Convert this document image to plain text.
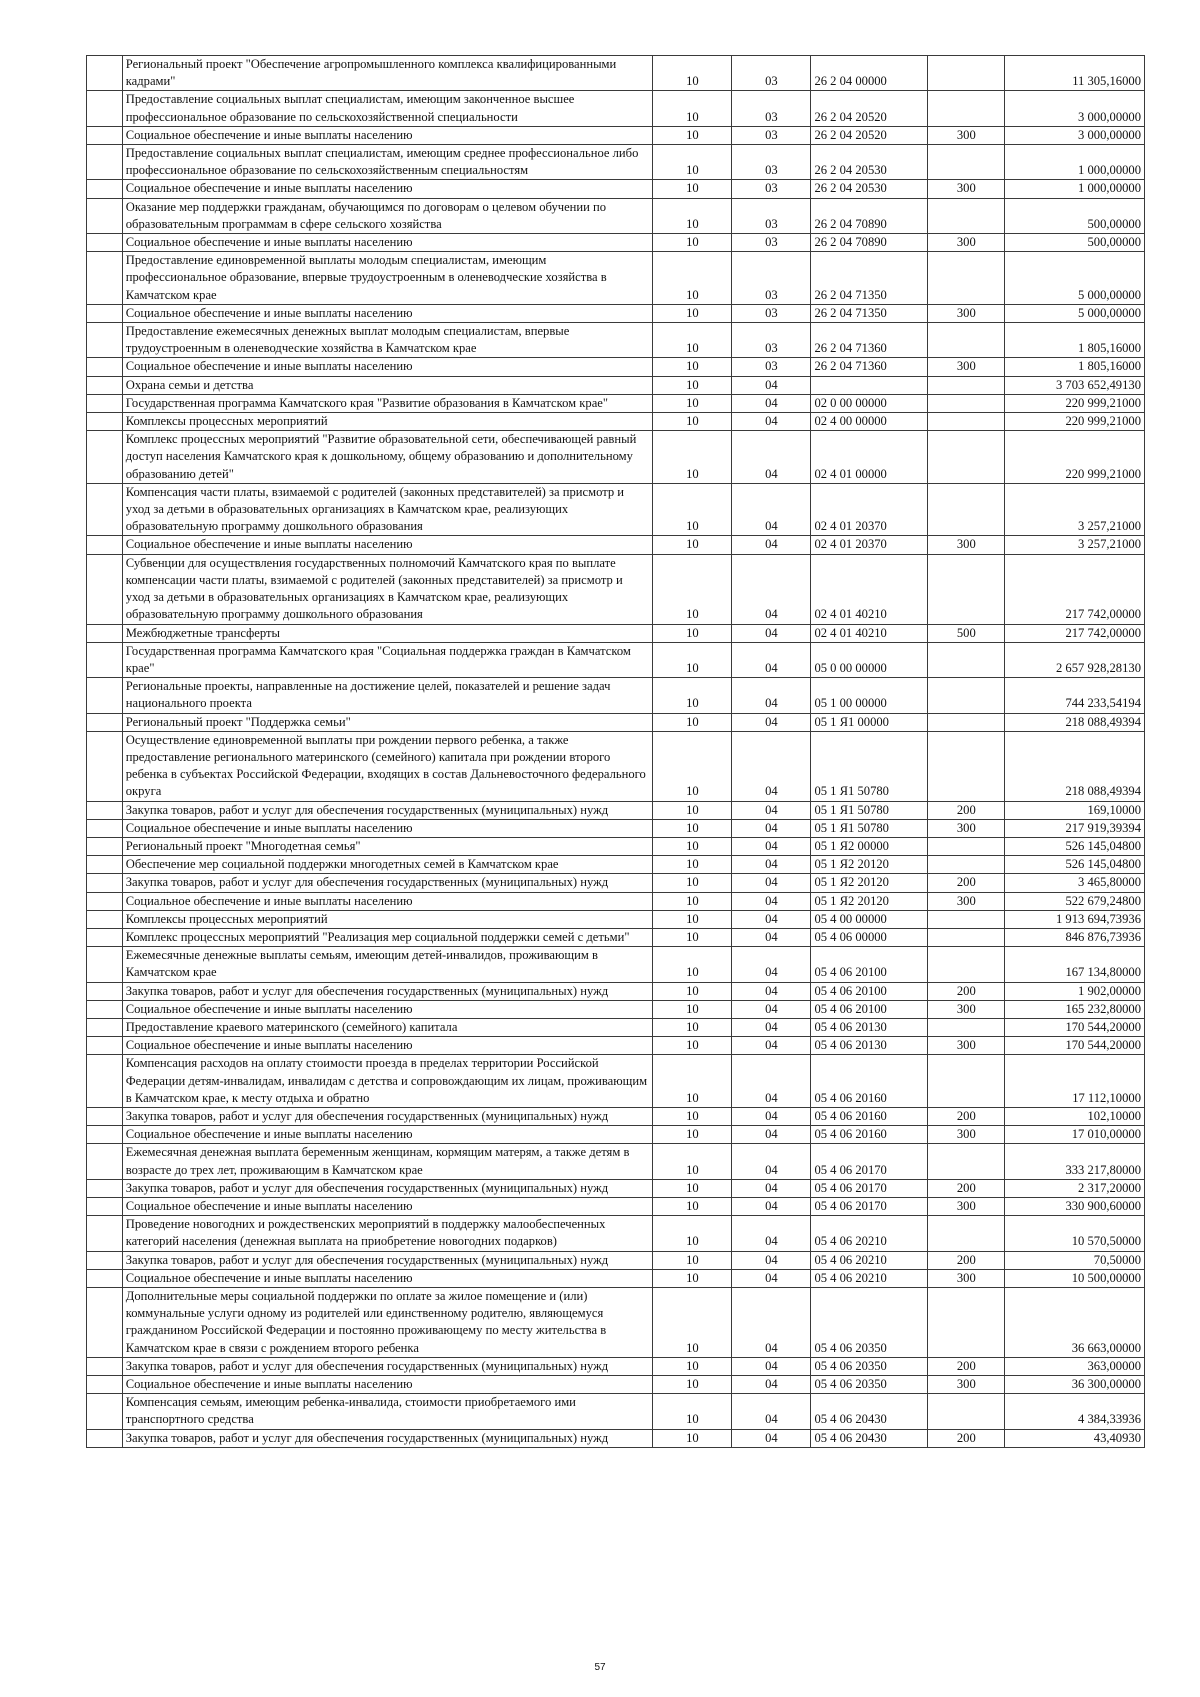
	Региональный проект "Обеспечение агропромышленного комплекса квалифицированными кадрами"	10	03	26 2 04 00000		11 305,16000
	Предоставление социальных выплат специалистам, имеющим законченное высшее профессиональное образование по сельскохозяйственной специальности	10	03	26 2 04 20520		3 000,00000
	Социальное обеспечение и иные выплаты населению	10	03	26 2 04 20520	300	3 000,00000
	Предоставление социальных выплат специалистам, имеющим среднее профессиональное либо профессиональное образование по сельскохозяйственным специальностям	10	03	26 2 04 20530		1 000,00000
	Социальное обеспечение и иные выплаты населению	10	03	26 2 04 20530	300	1 000,00000
	Оказание мер поддержки гражданам, обучающимся по договорам о целевом обучении по образовательным программам в сфере сельского хозяйства	10	03	26 2 04 70890		500,00000
	Социальное обеспечение и иные выплаты населению	10	03	26 2 04 70890	300	500,00000
	Предоставление единовременной выплаты молодым специалистам, имеющим профессиональное образование, впервые трудоустроенным в оленеводческие хозяйства в Камчатском крае	10	03	26 2 04 71350		5 000,00000
	Социальное обеспечение и иные выплаты населению	10	03	26 2 04 71350	300	5 000,00000
	Предоставление ежемесячных денежных выплат молодым специалистам, впервые трудоустроенным в оленеводческие хозяйства в Камчатском крае	10	03	26 2 04 71360		1 805,16000
	Социальное обеспечение и иные выплаты населению	10	03	26 2 04 71360	300	1 805,16000
	Охрана семьи и детства	10	04			3 703 652,49130
	Государственная программа Камчатского края "Развитие образования в Камчатском крае"	10	04	02 0 00 00000		220 999,21000
	Комплексы процессных мероприятий	10	04	02 4 00 00000		220 999,21000
	Комплекс процессных мероприятий "Развитие образовательной сети, обеспечивающей равный доступ населения Камчатского края к дошкольному, общему образованию и дополнительному образованию детей"	10	04	02 4 01 00000		220 999,21000
	Компенсация части платы, взимаемой с родителей (законных представителей) за присмотр и уход за детьми в образовательных организациях в Камчатском крае, реализующих образовательную программу дошкольного образования	10	04	02 4 01 20370		3 257,21000
	Социальное обеспечение и иные выплаты населению	10	04	02 4 01 20370	300	3 257,21000
	Субвенции для осуществления государственных полномочий Камчатского края по выплате компенсации части платы, взимаемой с родителей (законных представителей) за присмотр и уход за детьми в образовательных организациях в Камчатском крае, реализующих образовательную программу дошкольного образования	10	04	02 4 01 40210		217 742,00000
	Межбюджетные трансферты	10	04	02 4 01 40210	500	217 742,00000
	Государственная программа Камчатского края "Социальная поддержка граждан в Камчатском крае"	10	04	05 0 00 00000		2 657 928,28130
	Региональные проекты, направленные на достижение целей, показателей и решение задач национального проекта	10	04	05 1 00 00000		744 233,54194
	Региональный проект "Поддержка семьи"	10	04	05 1 Я1 00000		218 088,49394
	Осуществление единовременной выплаты при рождении первого ребенка, а также предоставление регионального материнского (семейного) капитала при рождении второго ребенка в субъектах Российской Федерации, входящих в состав Дальневосточного федерального округа	10	04	05 1 Я1 50780		218 088,49394
	Закупка товаров, работ и услуг для обеспечения государственных (муниципальных) нужд	10	04	05 1 Я1 50780	200	169,10000
	Социальное обеспечение и иные выплаты населению	10	04	05 1 Я1 50780	300	217 919,39394
	Региональный проект "Многодетная семья"	10	04	05 1 Я2 00000		526 145,04800
	Обеспечение мер социальной поддержки многодетных семей в Камчатском крае	10	04	05 1 Я2 20120		526 145,04800
	Закупка товаров, работ и услуг для обеспечения государственных (муниципальных) нужд	10	04	05 1 Я2 20120	200	3 465,80000
	Социальное обеспечение и иные выплаты населению	10	04	05 1 Я2 20120	300	522 679,24800
	Комплексы процессных мероприятий	10	04	05 4 00 00000		1 913 694,73936
	Комплекс процессных мероприятий "Реализация мер социальной поддержки семей с детьми"	10	04	05 4 06 00000		846 876,73936
	Ежемесячные денежные выплаты семьям, имеющим детей-инвалидов, проживающим в Камчатском крае	10	04	05 4 06 20100		167 134,80000
	Закупка товаров, работ и услуг для обеспечения государственных (муниципальных) нужд	10	04	05 4 06 20100	200	1 902,00000
	Социальное обеспечение и иные выплаты населению	10	04	05 4 06 20100	300	165 232,80000
	Предоставление краевого материнского (семейного) капитала	10	04	05 4 06 20130		170 544,20000
	Социальное обеспечение и иные выплаты населению	10	04	05 4 06 20130	300	170 544,20000
	Компенсация расходов на оплату стоимости проезда в пределах территории Российской Федерации детям-инвалидам, инвалидам с детства и сопровождающим их лицам, проживающим в Камчатском крае, к месту отдыха и обратно	10	04	05 4 06 20160		17 112,10000
	Закупка товаров, работ и услуг для обеспечения государственных (муниципальных) нужд	10	04	05 4 06 20160	200	102,10000
	Социальное обеспечение и иные выплаты населению	10	04	05 4 06 20160	300	17 010,00000
	Ежемесячная денежная выплата беременным женщинам, кормящим матерям, а также детям в возрасте до трех лет, проживающим в Камчатском крае	10	04	05 4 06 20170		333 217,80000
	Закупка товаров, работ и услуг для обеспечения государственных (муниципальных) нужд	10	04	05 4 06 20170	200	2 317,20000
	Социальное обеспечение и иные выплаты населению	10	04	05 4 06 20170	300	330 900,60000
	Проведение новогодних и рождественских мероприятий в поддержку малообеспеченных категорий населения (денежная выплата на приобретение новогодних подарков)	10	04	05 4 06 20210		10 570,50000
	Закупка товаров, работ и услуг для обеспечения государственных (муниципальных) нужд	10	04	05 4 06 20210	200	70,50000
	Социальное обеспечение и иные выплаты населению	10	04	05 4 06 20210	300	10 500,00000
	Дополнительные меры социальной поддержки по оплате за жилое помещение и (или) коммунальные услуги одному из родителей или единственному родителю, являющемуся гражданином Российской Федерации и постоянно проживающему по месту жительства в Камчатском крае в связи с рождением второго ребенка	10	04	05 4 06 20350		36 663,00000
	Закупка товаров, работ и услуг для обеспечения государственных (муниципальных) нужд	10	04	05 4 06 20350	200	363,00000
	Социальное обеспечение и иные выплаты населению	10	04	05 4 06 20350	300	36 300,00000
	Компенсация семьям, имеющим ребенка-инвалида, стоимости приобретаемого ими транспортного средства	10	04	05 4 06 20430		4 384,33936
	Закупка товаров, работ и услуг для обеспечения государственных (муниципальных) нужд	10	04	05 4 06 20430	200	43,40930
57
